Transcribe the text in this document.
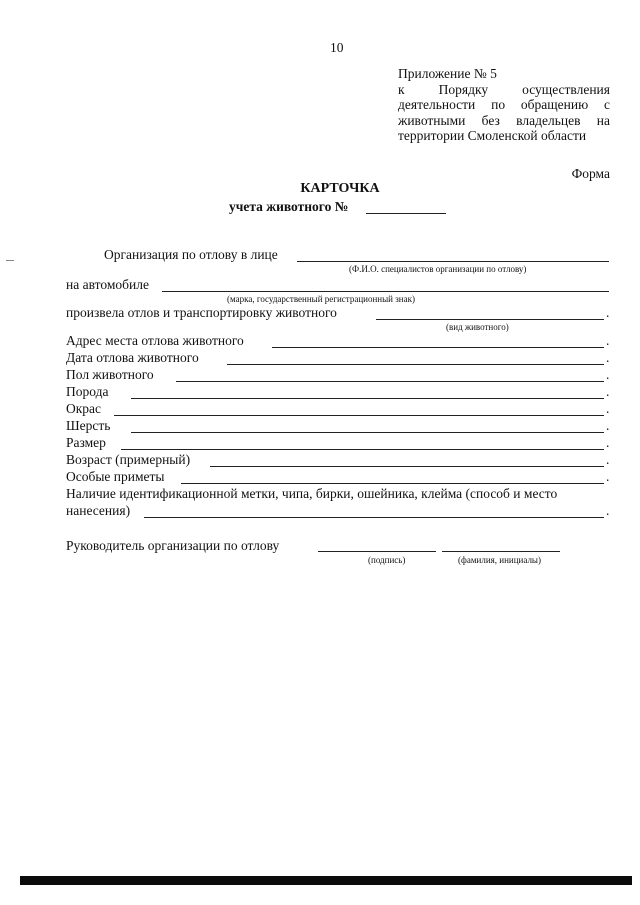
10
Приложение № 5
к Порядку осуществления
деятельности по обращению с
животными без владельцев на
территории Смоленской области
Форма
КАРТОЧКА
учета животного №
Организация по отлову в лице
(Ф.И.О. специалистов организации по отлову)
на автомобиле
(марка, государственный регистрационный знак)
произвела отлов и транспортировку животного	.
(вид животного)
Адрес места отлова животного	.
Дата отлова животного	.
Пол животного	.
Порода	.
Окрас	.
Шерсть	.
Размер	.
Возраст (примерный)	.
Особые приметы	.
Наличие идентификационной метки, чипа, бирки, ошейника, клейма (способ и место
нанесения)	.
Руководитель организации по отлову
(подпись)	(фамилия, инициалы)
